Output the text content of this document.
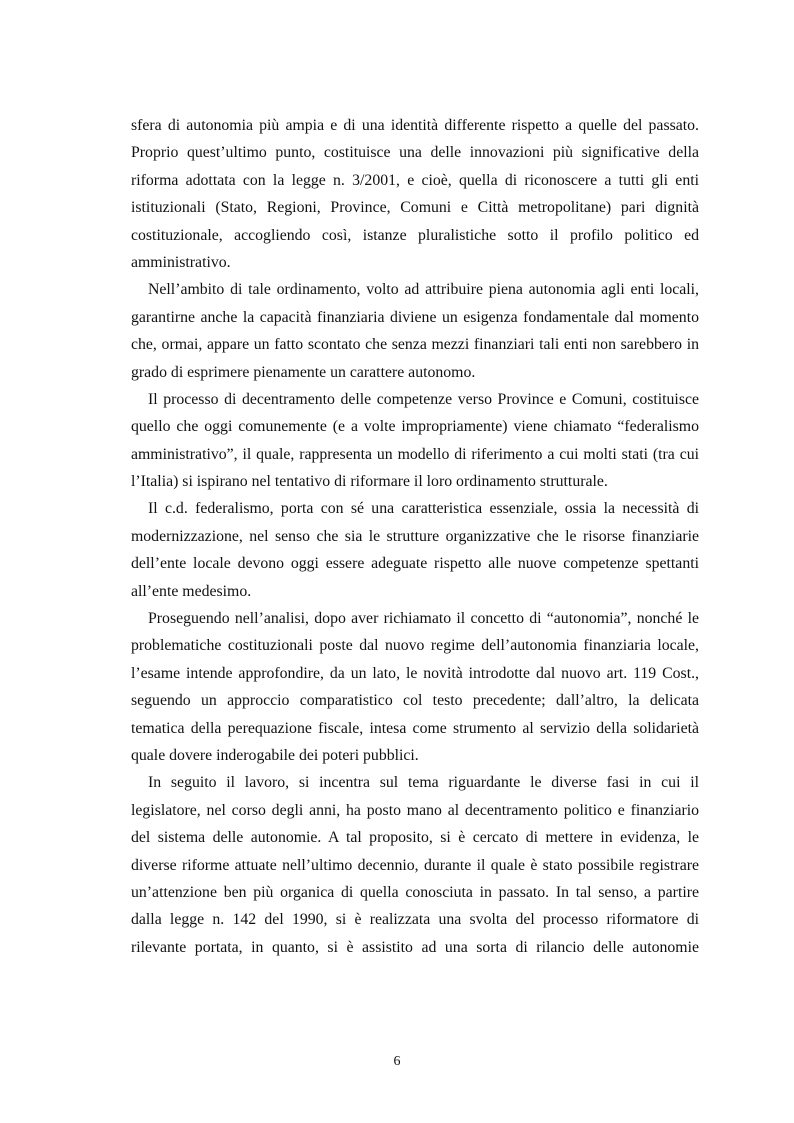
sfera di autonomia più ampia e di una identità differente rispetto a quelle del passato.
Proprio quest’ultimo punto, costituisce una delle innovazioni più significative della
riforma adottata con la legge n. 3/2001, e cioè, quella di riconoscere a tutti gli enti
istituzionali (Stato, Regioni, Province, Comuni e Città metropolitane) pari dignità
costituzionale, accogliendo così, istanze pluralistiche sotto il profilo politico ed
amministrativo.
Nell’ambito di tale ordinamento, volto ad attribuire piena autonomia agli enti locali,
garantirne anche la capacità finanziaria diviene un esigenza fondamentale dal momento
che, ormai, appare un fatto scontato che senza mezzi finanziari tali enti non sarebbero in
grado di esprimere pienamente un carattere autonomo.
Il processo di decentramento delle competenze verso Province e Comuni, costituisce
quello che oggi comunemente (e a volte impropriamente) viene chiamato “federalismo
amministrativo”, il quale, rappresenta un modello di riferimento a cui molti stati (tra cui
l’Italia) si ispirano nel tentativo di riformare il loro ordinamento strutturale.
Il c.d. federalismo, porta con sé una caratteristica essenziale, ossia la necessità di
modernizzazione, nel senso che sia le strutture organizzative che le risorse finanziarie
dell’ente locale devono oggi essere adeguate rispetto alle nuove competenze spettanti
all’ente medesimo.
Proseguendo nell’analisi, dopo aver richiamato il concetto di “autonomia”, nonché le
problematiche costituzionali poste dal nuovo regime dell’autonomia finanziaria locale,
l’esame intende approfondire, da un lato, le novità introdotte dal nuovo art. 119 Cost.,
seguendo un approccio comparatistico col testo precedente; dall’altro, la delicata
tematica della perequazione fiscale, intesa come strumento al servizio della solidarietà
quale dovere inderogabile dei poteri pubblici.
In seguito il lavoro, si incentra sul tema riguardante le diverse fasi in cui il
legislatore, nel corso degli anni, ha posto mano al decentramento politico e finanziario
del sistema delle autonomie. A tal proposito, si è cercato di mettere in evidenza, le
diverse riforme attuate nell’ultimo decennio, durante il quale è stato possibile registrare
un’attenzione ben più organica di quella conosciuta in passato. In tal senso, a partire
dalla legge n. 142 del 1990, si è realizzata una svolta del processo riformatore di
rilevante portata, in quanto, si è assistito ad una sorta di rilancio delle autonomie
6
